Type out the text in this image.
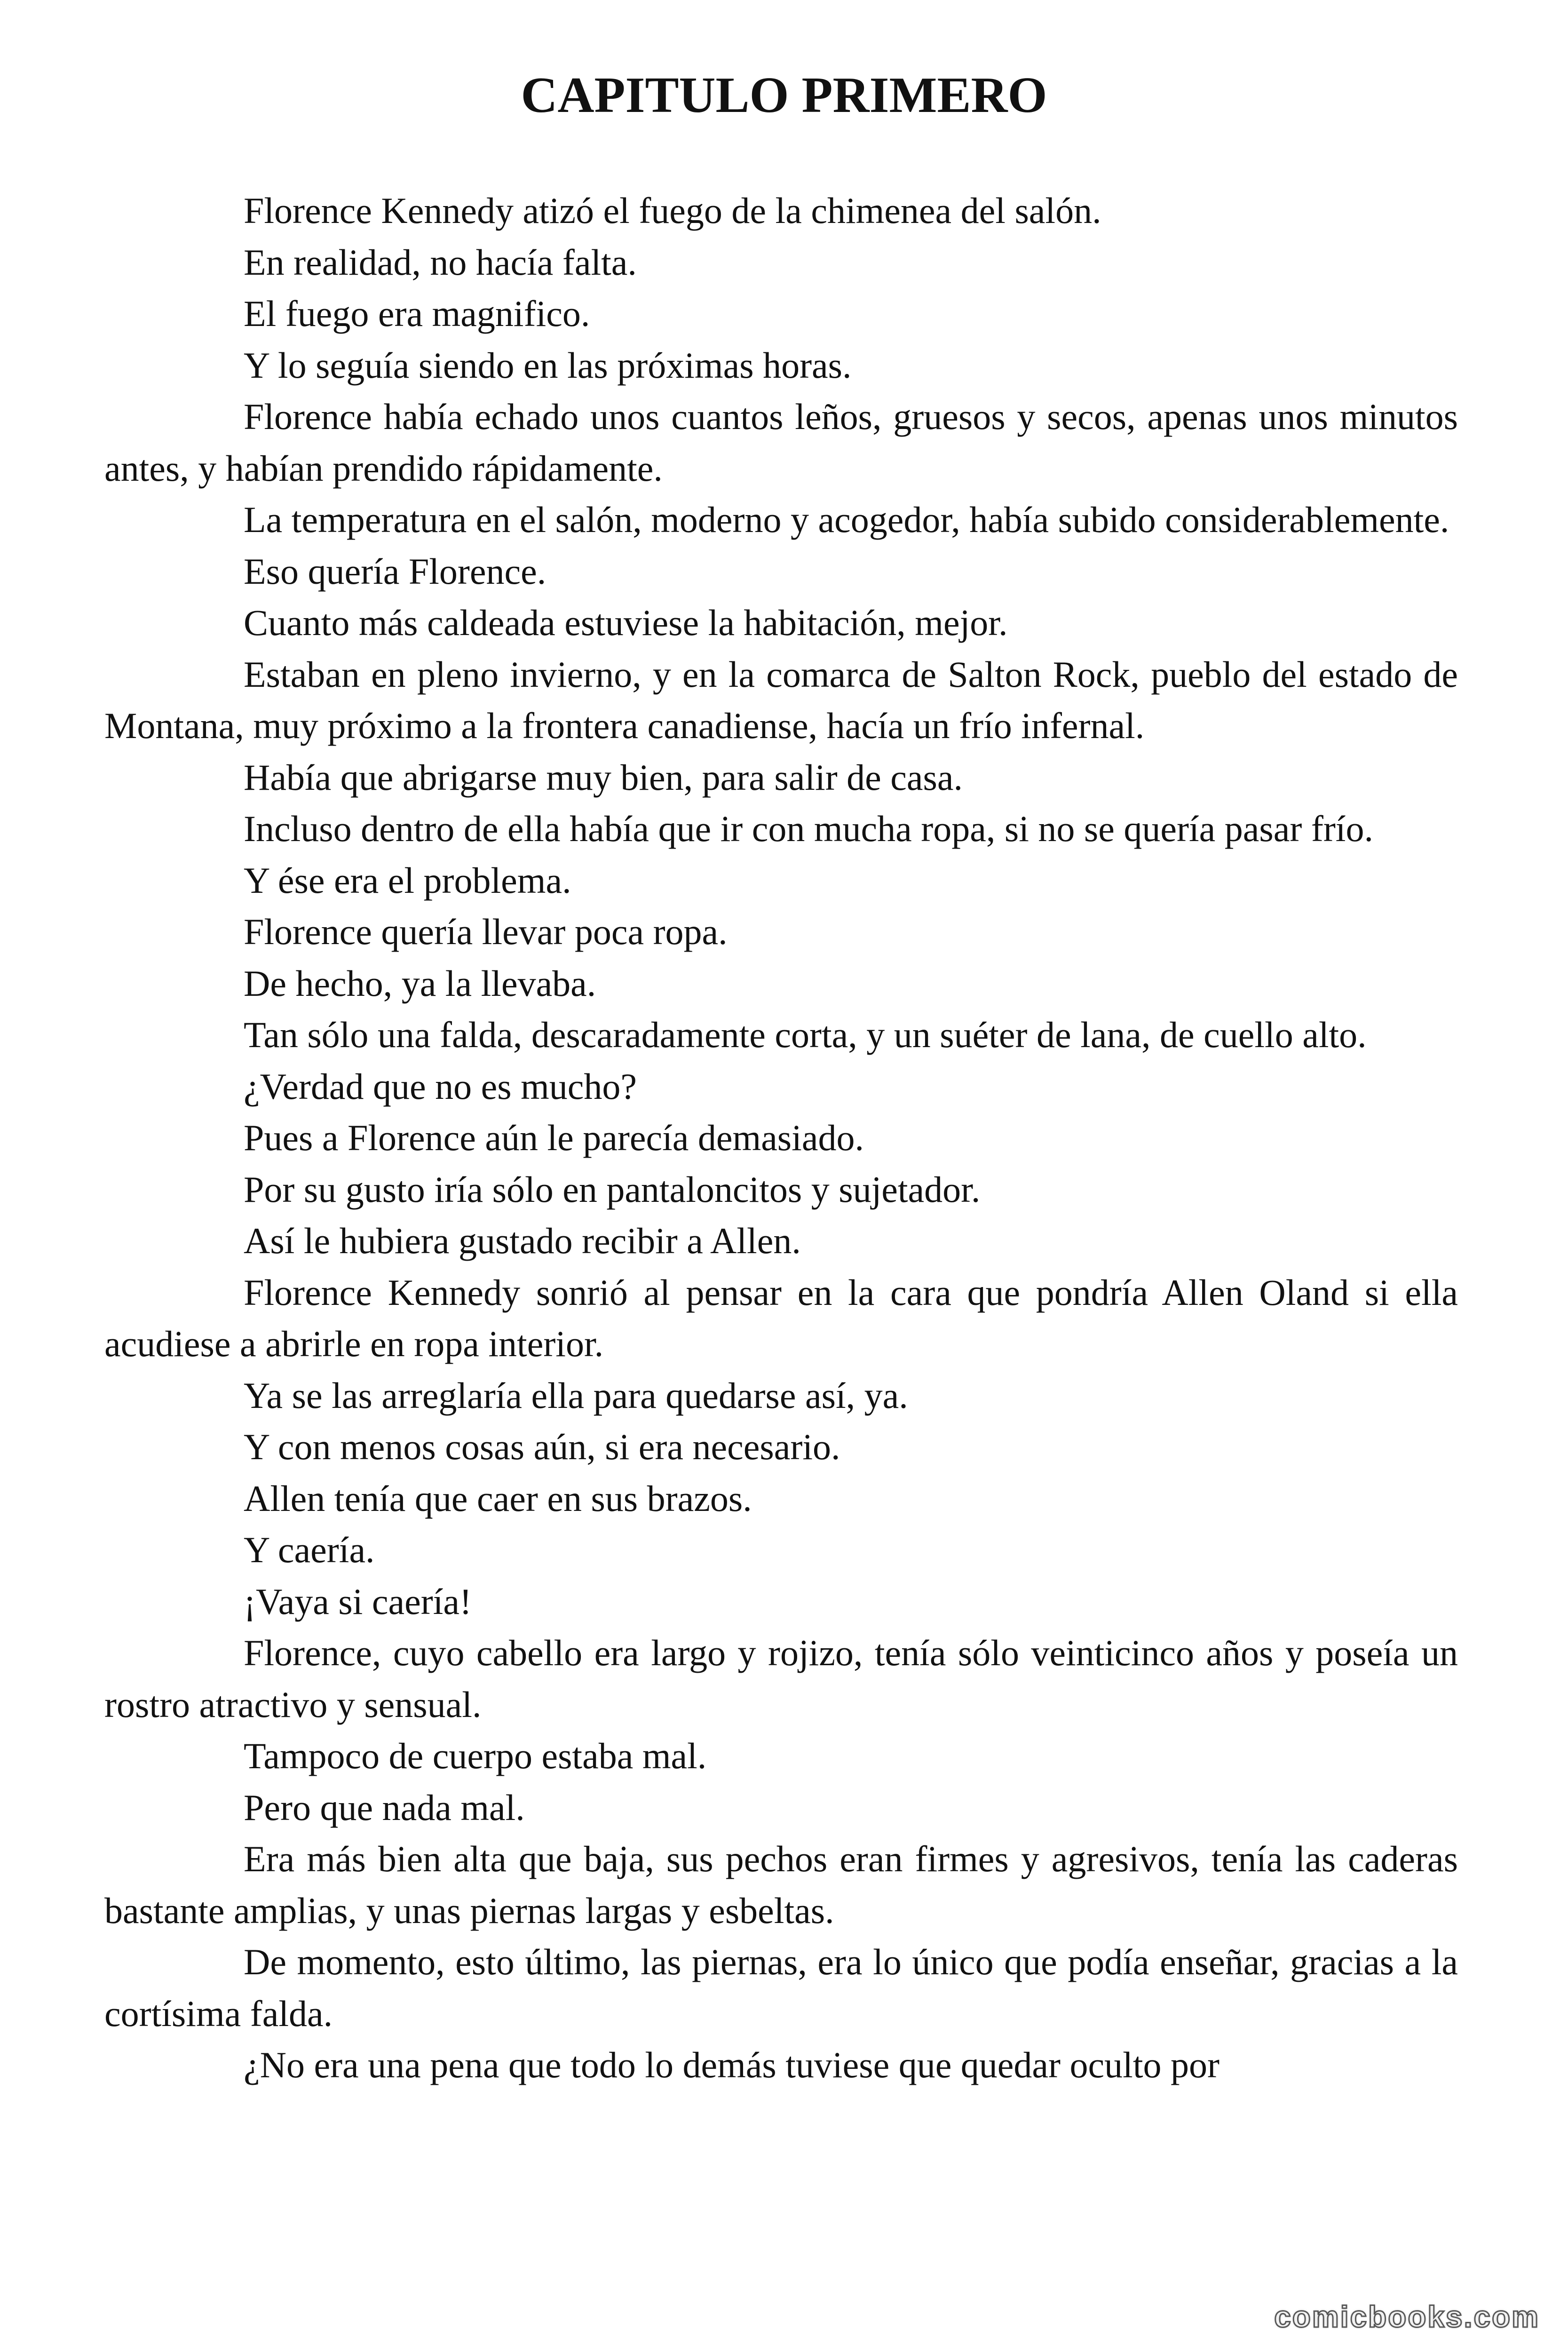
CAPITULO PRIMERO

Florence Kennedy atizó el fuego de la chimenea del salón.

En realidad, no hacía falta.

El fuego era magnifico.

Y lo seguía siendo en las próximas horas.

Florence había echado unos cuantos leños, gruesos y secos, apenas unos minutos antes, y habían prendido rápidamente.

La temperatura en el salón, moderno y acogedor, había subido considerablemente.

Eso quería Florence.

Cuanto más caldeada estuviese la habitación, mejor.

Estaban en pleno invierno, y en la comarca de Salton Rock, pueblo del estado de Montana, muy próximo a la frontera canadiense, hacía un frío infernal.

Había que abrigarse muy bien, para salir de casa.

Incluso dentro de ella había que ir con mucha ropa, si no se quería pasar frío.

Y ése era el problema.

Florence quería llevar poca ropa.

De hecho, ya la llevaba.

Tan sólo una falda, descaradamente corta, y un suéter de lana, de cuello alto.

¿Verdad que no es mucho?

Pues a Florence aún le parecía demasiado.

Por su gusto iría sólo en pantaloncitos y sujetador.

Así le hubiera gustado recibir a Allen.

Florence Kennedy sonrió al pensar en la cara que pondría Allen Oland si ella acudiese a abrirle en ropa interior.

Ya se las arreglaría ella para quedarse así, ya.

Y con menos cosas aún, si era necesario.

Allen tenía que caer en sus brazos.

Y caería.

¡Vaya si caería!

Florence, cuyo cabello era largo y rojizo, tenía sólo veinticinco años y poseía un rostro atractivo y sensual.

Tampoco de cuerpo estaba mal.

Pero que nada mal.

Era más bien alta que baja, sus pechos eran firmes y agresivos, tenía las caderas bastante amplias, y unas piernas largas y esbeltas.

De momento, esto último, las piernas, era lo único que podía enseñar, gracias a la cortísima falda.

¿No era una pena que todo lo demás tuviese que quedar oculto por

comicbooks.com
